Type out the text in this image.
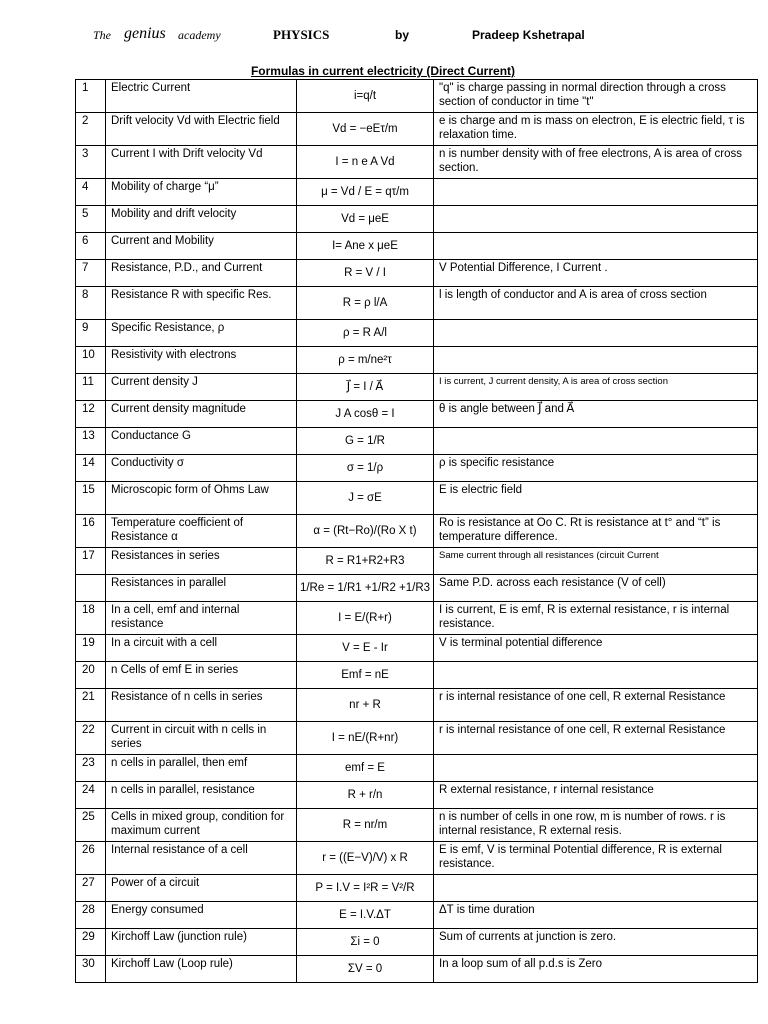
The genius academy	PHYSICS	by	Pradeep Kshetrapal
Formulas in current electricity (Direct Current)
1	Electric Current	i=q/t	"q" is charge passing in normal direction through a cross section of conductor in time "t"
2	Drift velocity Vd with Electric field	Vd = −eEτ/m	e is charge and m is mass on electron, E is electric field, τ is relaxation time.
3	Current I with Drift velocity Vd	I = n e A Vd	n is number density with of free electrons, A is area of cross section.
4	Mobility of charge “μ”	μ = Vd / E = qτ/m	
5	Mobility and drift velocity	Vd = μeE	
6	Current and Mobility	I= Ane x μeE	
7	Resistance, P.D., and Current	R = V / I	V Potential Difference, I Current .
8	Resistance R with specific Res.	R = ρ l/A	l is length of conductor and A is area of cross section
9	Specific Resistance, ρ	ρ = R A/l	
10	Resistivity with electrons	ρ = m/ne²τ	
11	Current density J	J⃗ = I / A⃗	I is current, J current density, A is area of cross section
12	Current density magnitude	J A cosθ = I	θ is angle between J⃗ and A⃗
13	Conductance G	G = 1/R	
14	Conductivity σ	σ = 1/ρ	ρ is specific resistance
15	Microscopic form of Ohms Law	J = σE	E is electric field
16	Temperature coefficient of Resistance α	α = (Rt−Ro)/(Ro X t)	Ro is resistance at Oo C. Rt is resistance at t° and “t” is temperature difference.
17	Resistances in series	R = R1+R2+R3	Same current through all resistances (circuit Current
	Resistances in parallel	1/Re = 1/R1 +1/R2 +1/R3	Same P.D. across each resistance (V of cell)
18	In a cell, emf and internal resistance	I = E/(R+r)	I is current, E is emf, R is external resistance, r is internal resistance.
19	In a circuit with a cell	V = E - Ir	V is terminal potential difference
20	n Cells of emf E in series	Emf = nE	
21	Resistance of n cells in series	nr + R	r is internal resistance of one cell, R external Resistance
22	Current in circuit with n cells in series	I = nE/(R+nr)	r is internal resistance of one cell, R external Resistance
23	n cells in parallel, then emf	emf = E	
24	n cells in parallel, resistance	R + r/n	R external resistance, r internal resistance
25	Cells in mixed group, condition for maximum current	R = nr/m	n is number of cells in one row, m is number of rows. r is internal resistance, R external resis.
26	Internal resistance of a cell	r = ((E−V)/V) x R	E is emf, V is terminal Potential difference, R is external resistance.
27	Power of a circuit	P = I.V = I²R = V²/R	
28	Energy consumed	E = I.V.ΔT	ΔT is time duration
29	Kirchoff Law (junction rule)	Σi = 0	Sum of currents at junction is zero.
30	Kirchoff Law (Loop rule)	ΣV = 0	In a loop sum of all p.d.s is Zero
